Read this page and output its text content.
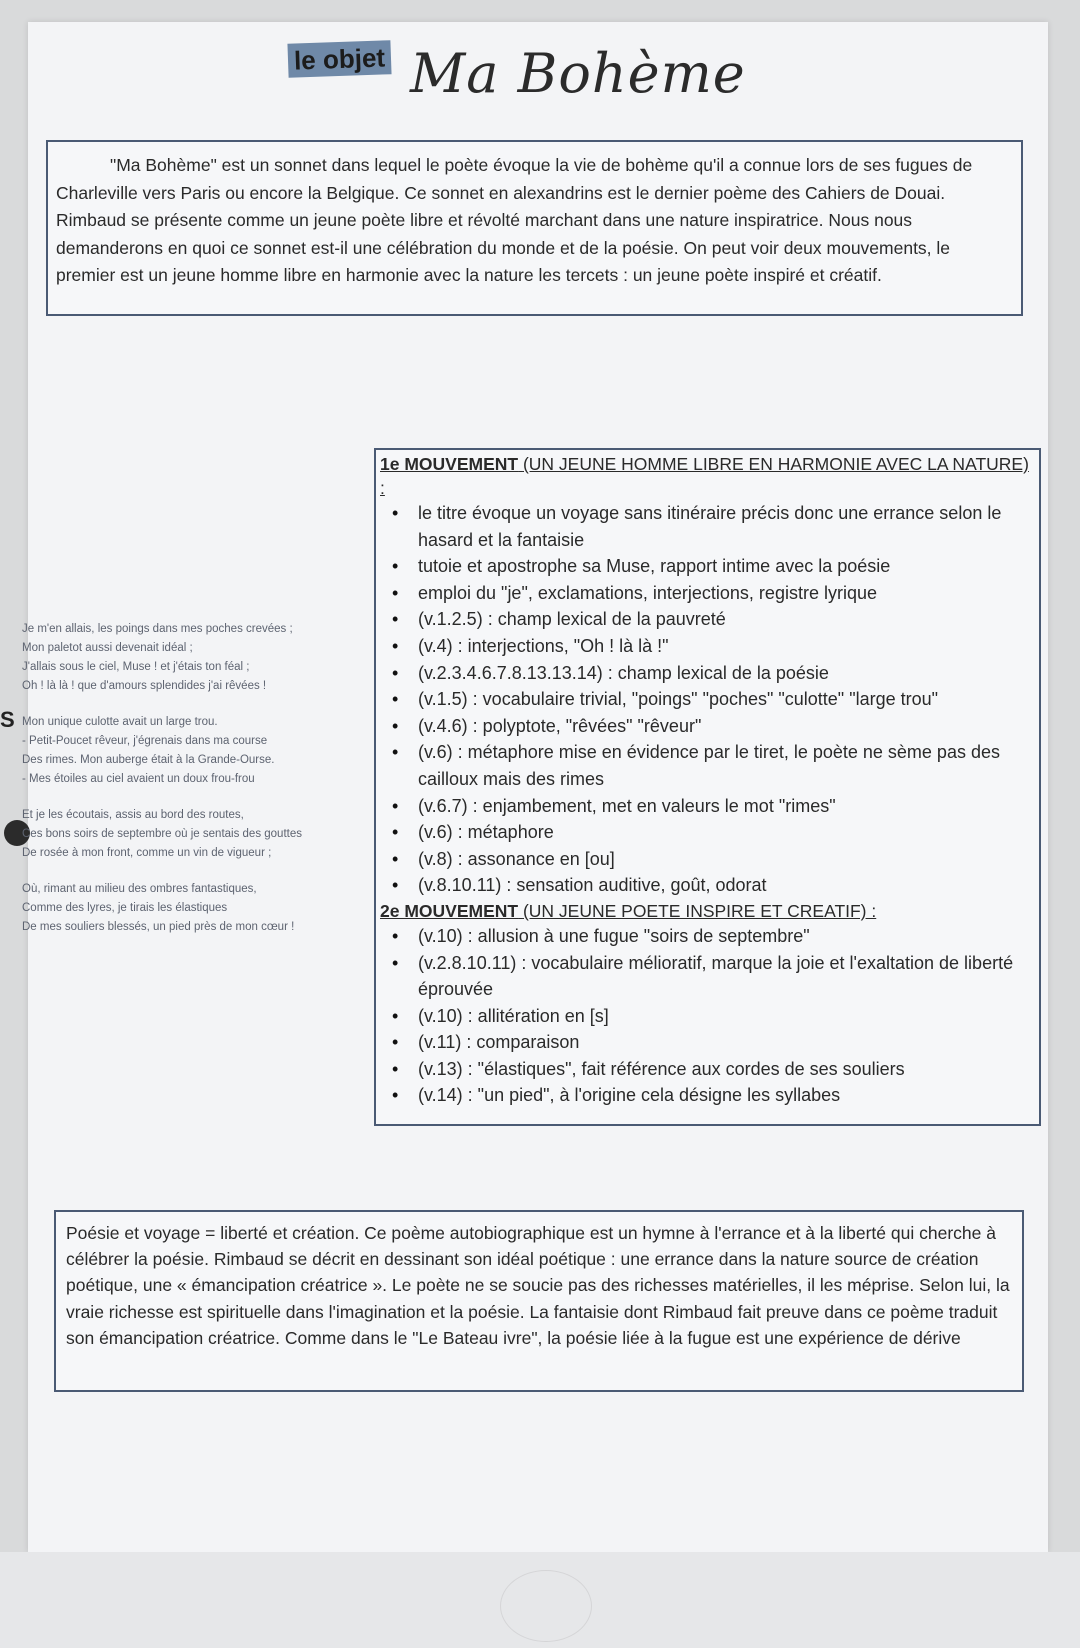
le objet Ma Bohème

"Ma Bohème" est un sonnet dans lequel le poète évoque la vie de bohème qu'il a connue lors de ses fugues de Charleville vers Paris ou encore la Belgique. Ce sonnet en alexandrins est le dernier poème des Cahiers de Douai. Rimbaud se présente comme un jeune poète libre et révolté marchant dans une nature inspiratrice. Nous nous demanderons en quoi ce sonnet est-il une célébration du monde et de la poésie. On peut voir deux mouvements, le premier est un jeune homme libre en harmonie avec la nature les tercets : un jeune poète inspiré et créatif.

S
Je m'en allais, les poings dans mes poches crevées ;
Mon paletot aussi devenait idéal ;
J'allais sous le ciel, Muse ! et j'étais ton féal ;
Oh ! là là ! que d'amours splendides j'ai rêvées !
Mon unique culotte avait un large trou.
- Petit-Poucet rêveur, j'égrenais dans ma course
Des rimes. Mon auberge était à la Grande-Ourse.
- Mes étoiles au ciel avaient un doux frou-frou
Et je les écoutais, assis au bord des routes,
Ces bons soirs de septembre où je sentais des gouttes
De rosée à mon front, comme un vin de vigueur ;
Où, rimant au milieu des ombres fantastiques,
Comme des lyres, je tirais les élastiques
De mes souliers blessés, un pied près de mon cœur !
1e MOUVEMENT (UN JEUNE HOMME LIBRE EN HARMONIE AVEC LA NATURE) :
• le titre évoque un voyage sans itinéraire précis donc une errance selon le hasard et la fantaisie
• tutoie et apostrophe sa Muse, rapport intime avec la poésie
• emploi du "je", exclamations, interjections, registre lyrique
• (v.1.2.5) : champ lexical de la pauvreté
• (v.4) : interjections, "Oh ! là là !"
• (v.2.3.4.6.7.8.13.13.14) : champ lexical de la poésie
• (v.1.5) : vocabulaire trivial, "poings" "poches" "culotte" "large trou"
• (v.4.6) : polyptote, "rêvées" "rêveur"
• (v.6) : métaphore mise en évidence par le tiret, le poète ne sème pas des cailloux mais des rimes
• (v.6.7) : enjambement, met en valeurs le mot "rimes"
• (v.6) : métaphore
• (v.8) : assonance en [ou]
• (v.8.10.11) : sensation auditive, goût, odorat
2e MOUVEMENT (UN JEUNE POETE INSPIRE ET CREATIF) :
• (v.10) : allusion à une fugue "soirs de septembre"
• (v.2.8.10.11) : vocabulaire mélioratif, marque la joie et l'exaltation de liberté éprouvée
• (v.10) : allitération en [s]
• (v.11) : comparaison
• (v.13) : "élastiques", fait référence aux cordes de ses souliers
• (v.14) : "un pied", à l'origine cela désigne les syllabes

Poésie et voyage = liberté et création. Ce poème autobiographique est un hymne à l'errance et à la liberté qui cherche à célébrer la poésie. Rimbaud se décrit en dessinant son idéal poétique : une errance dans la nature source de création poétique, une « émancipation créatrice ». Le poète ne se soucie pas des richesses matérielles, il les méprise. Selon lui, la vraie richesse est spirituelle dans l'imagination et la poésie. La fantaisie dont Rimbaud fait preuve dans ce poème traduit son émancipation créatrice. Comme dans le "Le Bateau ivre", la poésie liée à la fugue est une expérience de dérive
